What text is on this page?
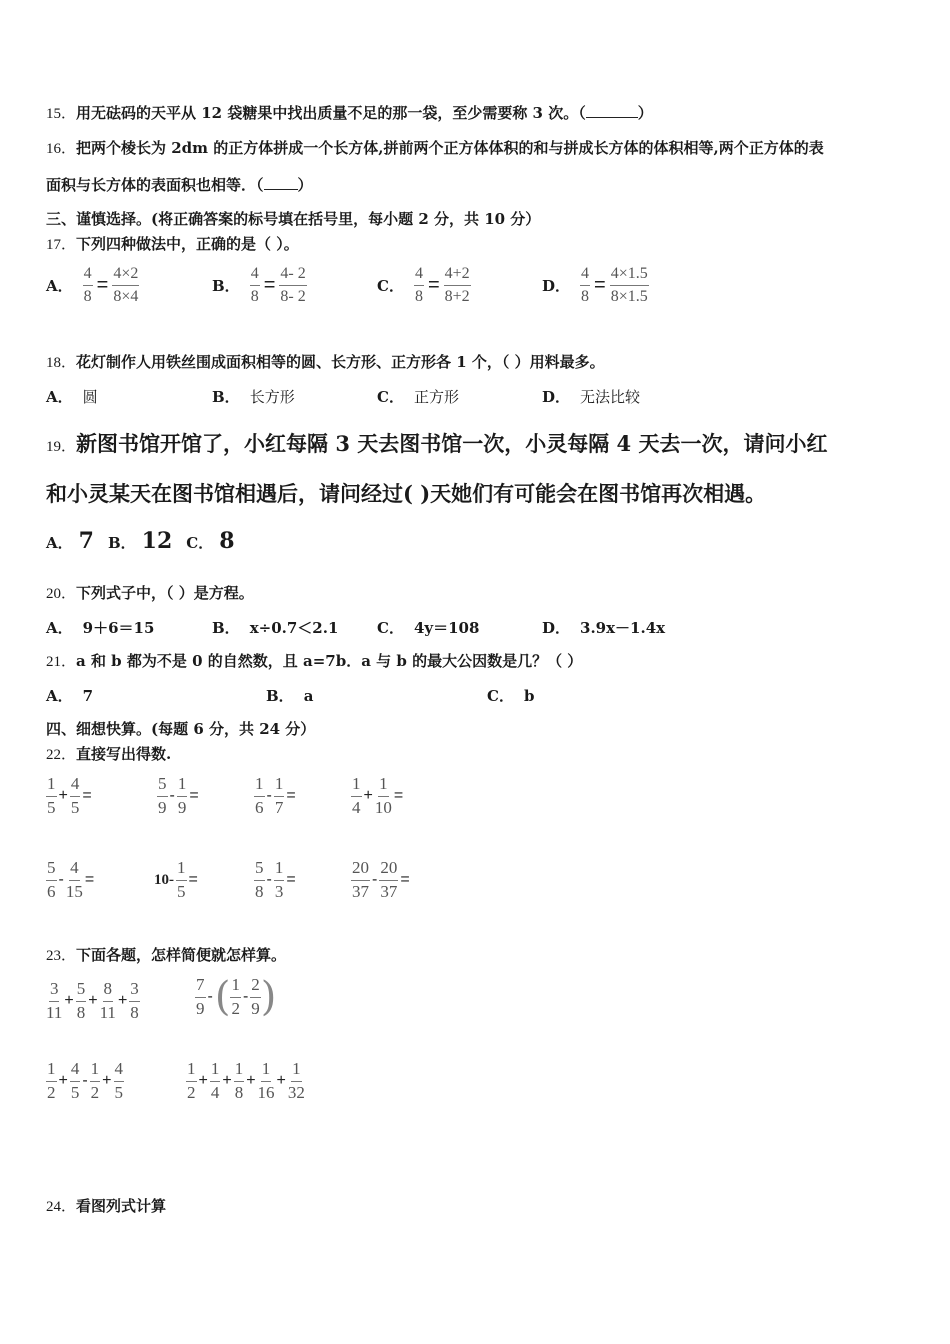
15．用无砝码的天平从 12 袋糖果中找出质量不足的那一袋，至少需要称 3 次。（	）
16．把两个棱长为 2dm 的正方体拼成一个长方体,拼前两个正方体体积的和与拼成长方体的体积相等,两个正方体的表
面积与长方体的表面积也相等．（ ）
三、谨慎选择。(将正确答案的标号填在括号里，每小题 2 分，共 10 分）
17．下列四种做法中，正确的是（ ）。
18．花灯制作人用铁丝围成面积相等的圆、长方形、正方形各 1 个，（ ）用料最多。
19．新图书馆开馆了，小红每隔 3 天去图书馆一次，小灵每隔 4 天去一次，请问小红
和小灵某天在图书馆相遇后，请问经过( )天她们有可能会在图书馆再次相遇。
A． 7 B． 12 C． 8
20．下列式子中，（ ）是方程。
21．a 和 b 都为不是 0 的自然数，且 a=7b．a 与 b 的最大公因数是几？（ ）
四、细想快算。(每题 6 分，共 24 分）
22．直接写出得数.
23．下面各题，怎样简便就怎样算。
24．看图列式计算
A． $\frac{4}{8} = \frac{4\times 2}{8\times 4}$	B． $\frac{4}{8} = \frac{4- 2}{8- 2}$	C． $\frac{4}{8} = \frac{4+2}{8+2}$	D． $\frac{4}{8} = \frac{4\times 1.5}{8\times 1.5}$
A． 圆	B． 长方形	C． 正方形	D． 无法比较
A． 9＋6＝15	B． x÷0.7＜2.1	C． 4y＝108	D． 3.9x－1.4x
A． 7	B． a	C． b
$\frac{1}{5} + \frac{4}{5}$ =	$\frac{5}{9} - \frac{1}{9}$ =	$\frac{1}{6} - \frac{1}{7}$ =	$\frac{1}{4} + \frac{1}{10}$ =
$\frac{5}{6} - \frac{4}{15}$ =	$10- \frac{1}{5}$ =	$\frac{5}{8} - \frac{1}{3}$ =	$\frac{20}{37} - \frac{20}{37}$ =
$\frac{3}{11} + \frac{5}{8} + \frac{8}{11} + \frac{3}{8}$	$\frac{7}{9}$ -( $\frac{1}{2} - \frac{2}{9}$ )
$\frac{1}{2} + \frac{4}{5} - \frac{1}{2} + \frac{4}{5}$	$\frac{1}{2} + \frac{1}{4} + \frac{1}{8} + \frac{1}{16} + \frac{1}{32}$
